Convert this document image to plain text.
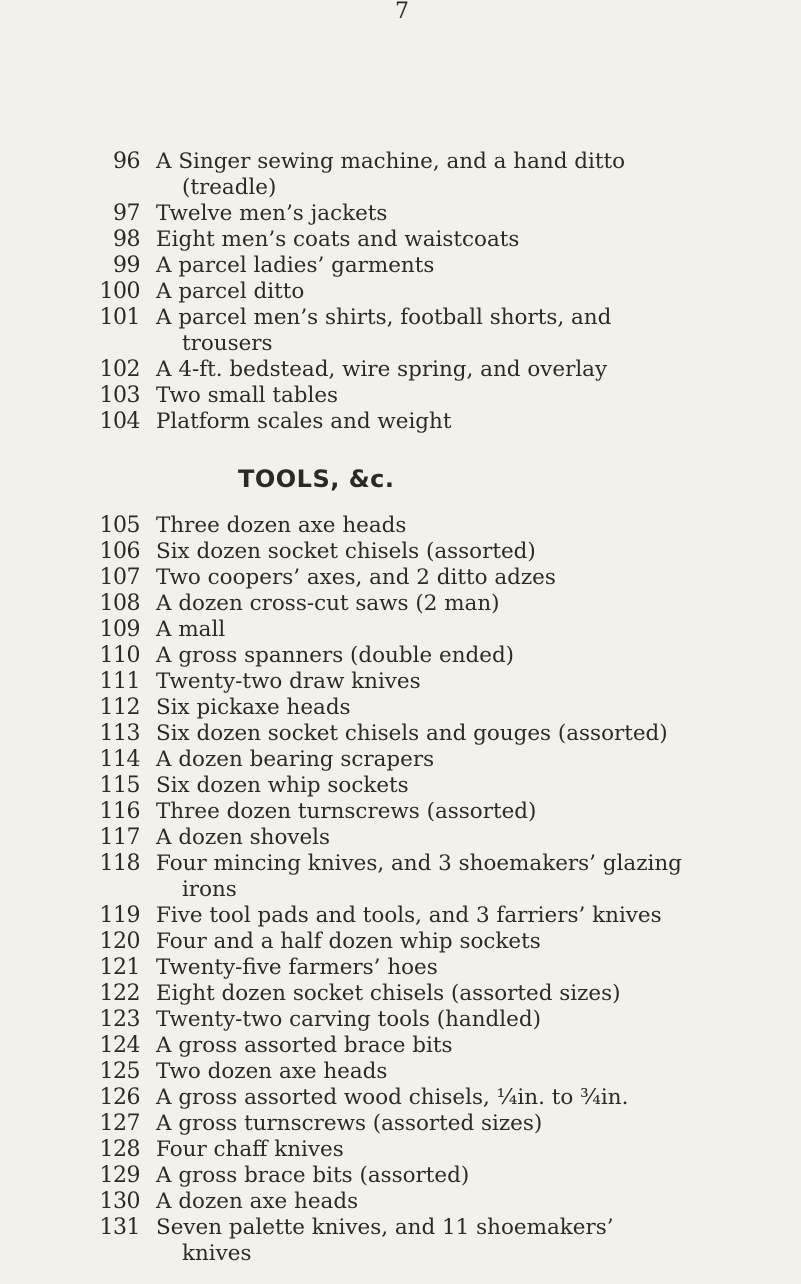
7
96 A Singer sewing machine, and a hand ditto
(treadle)
97 Twelve men’s jackets
98 Eight men’s coats and waistcoats
99 A parcel ladies’ garments
100 A parcel ditto
101 A parcel men’s shirts, football shorts, and
trousers
102 A 4-ft. bedstead, wire spring, and overlay
103 Two small tables
104 Platform scales and weight
TOOLS, &c.
105 Three dozen axe heads
106 Six dozen socket chisels (assorted)
107 Two coopers’ axes, and 2 ditto adzes
108 A dozen cross-cut saws (2 man)
109 A mall
110 A gross spanners (double ended)
111 Twenty-two draw knives
112 Six pickaxe heads
113 Six dozen socket chisels and gouges (assorted)
114 A dozen bearing scrapers
115 Six dozen whip sockets
116 Three dozen turnscrews (assorted)
117 A dozen shovels
118 Four mincing knives, and 3 shoemakers’ glazing
irons
119 Five tool pads and tools, and 3 farriers’ knives
120 Four and a half dozen whip sockets
121 Twenty-five farmers’ hoes
122 Eight dozen socket chisels (assorted sizes)
123 Twenty-two carving tools (handled)
124 A gross assorted brace bits
125 Two dozen axe heads
126 A gross assorted wood chisels, ¼in. to ¾in.
127 A gross turnscrews (assorted sizes)
128 Four chaff knives
129 A gross brace bits (assorted)
130 A dozen axe heads
131 Seven palette knives, and 11 shoemakers’
knives
